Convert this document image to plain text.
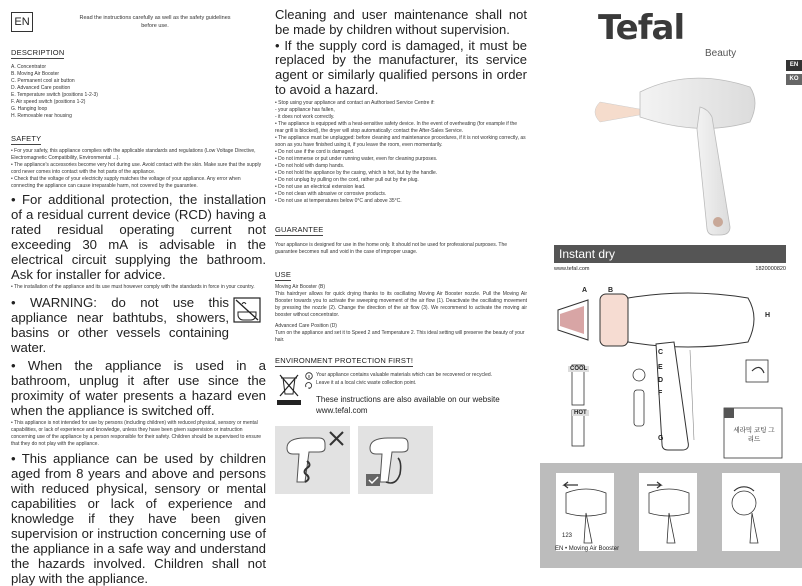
EN	Read the instructions carefully as well as the safety guidelines before use.
DESCRIPTION
A. Concentrator
B. Moving Air Booster
C. Permanent cool air button
D. Advanced Care position
E. Temperature switch (positions 1-2-3)
F. Air speed switch (positions 1-2)
G. Hanging loop
H. Removable rear housing
SAFETY
• For your safety, this appliance complies with the applicable standards and regulations (Low Voltage Directive, Electromagnetic Compatibility, Environmental ...).
• The appliance's accessories become very hot during use. Avoid contact with the skin. Make sure that the supply cord never comes into contact with the hot parts of the appliance.
• Check that the voltage of your electricity supply matches the voltage of your appliance. Any error when connecting the appliance can cause irreparable harm, not covered by the guarantee.
• For additional protection, the installation of a residual current device (RCD) having a rated residual operating current not exceeding 30 mA is advisable in the electrical circuit supplying the bathroom. Ask for installer for advice.
• The installation of the appliance and its use must however comply with the standards in force in your country.
• WARNING: do not use this appliance near bathtubs, showers, basins or other vessels containing water.
• When the appliance is used in a bathroom, unplug it after use since the proximity of water presents a hazard even when the appliance is switched off.
• This appliance is not intended for use by persons (including children) with reduced physical, sensory or mental capabilities, or lack of experience and knowledge, unless they have been given supervision or instruction concerning use of the appliance by a person responsible for their safety. Children should be supervised to ensure that they do not play with the appliance.
• This appliance can be used by children aged from 8 years and above and persons with reduced physical, sensory or mental capabilities or lack of experience and knowledge if they have been given supervision or instruction concerning use of the appliance in a safe way and understand the hazards involved. Children shall not play with the appliance.
Cleaning and user maintenance shall not be made by children without supervision.
• If the supply cord is damaged, it must be replaced by the manufacturer, its service agent or similarly qualified persons in order to avoid a hazard.
• Stop using your appliance and contact an Authorised Service Centre if:
- your appliance has fallen,
- it does not work correctly.
• The appliance is equipped with a heat-sensitive safety device. In the event of overheating (for example if the rear grill is blocked), the dryer will stop automatically: contact the After-Sales Service.
• The appliance must be unplugged: before cleaning and maintenance procedures, if it is not working correctly, as soon as you have finished using it, if you leave the room, even momentarily.
• Do not use if the cord is damaged.
• Do not immerse or put under running water, even for cleaning purposes.
• Do not hold with damp hands.
• Do not hold the appliance by the casing, which is hot, but by the handle.
• Do not unplug by pulling on the cord, rather pull out by the plug.
• Do not use an electrical extension lead.
• Do not clean with abrasive or corrosive products.
• Do not use at temperatures below 0°C and above 35°C.
GUARANTEE
Your appliance is designed for use in the home only. It should not be used for professional purposes. The guarantee becomes null and void in the case of improper usage.
USE
Moving Air Booster (B)
This hairdryer allows for quick drying thanks to its oscillating Moving Air Booster nozzle. Pull the Moving Air Booster towards you to activate the sweeping movement of the air flow (1). Deactivate the oscillating movement by pressing the nozzle (2). Change the direction of the air flow (3). We recommend to activate the moving air booster without concentrator.
Advanced Care Position (D)
Turn on the appliance and set it to Speed 2 and Temperature 2. This ideal setting will preserve the beauty of your hair.
ENVIRONMENT PROTECTION FIRST!
Your appliance contains valuable materials which can be recovered or recycled.
Leave it at a local civic waste collection point.
These instructions are also available on our website www.tefal.com
Tefal
Beauty
EN
KO
Instant dry
www.tefal.com	1820000820
A	B
H
C
E
D
F
G
COOL
HOT
세라믹 코팅 그리드
123
EN • Moving Air Booster
